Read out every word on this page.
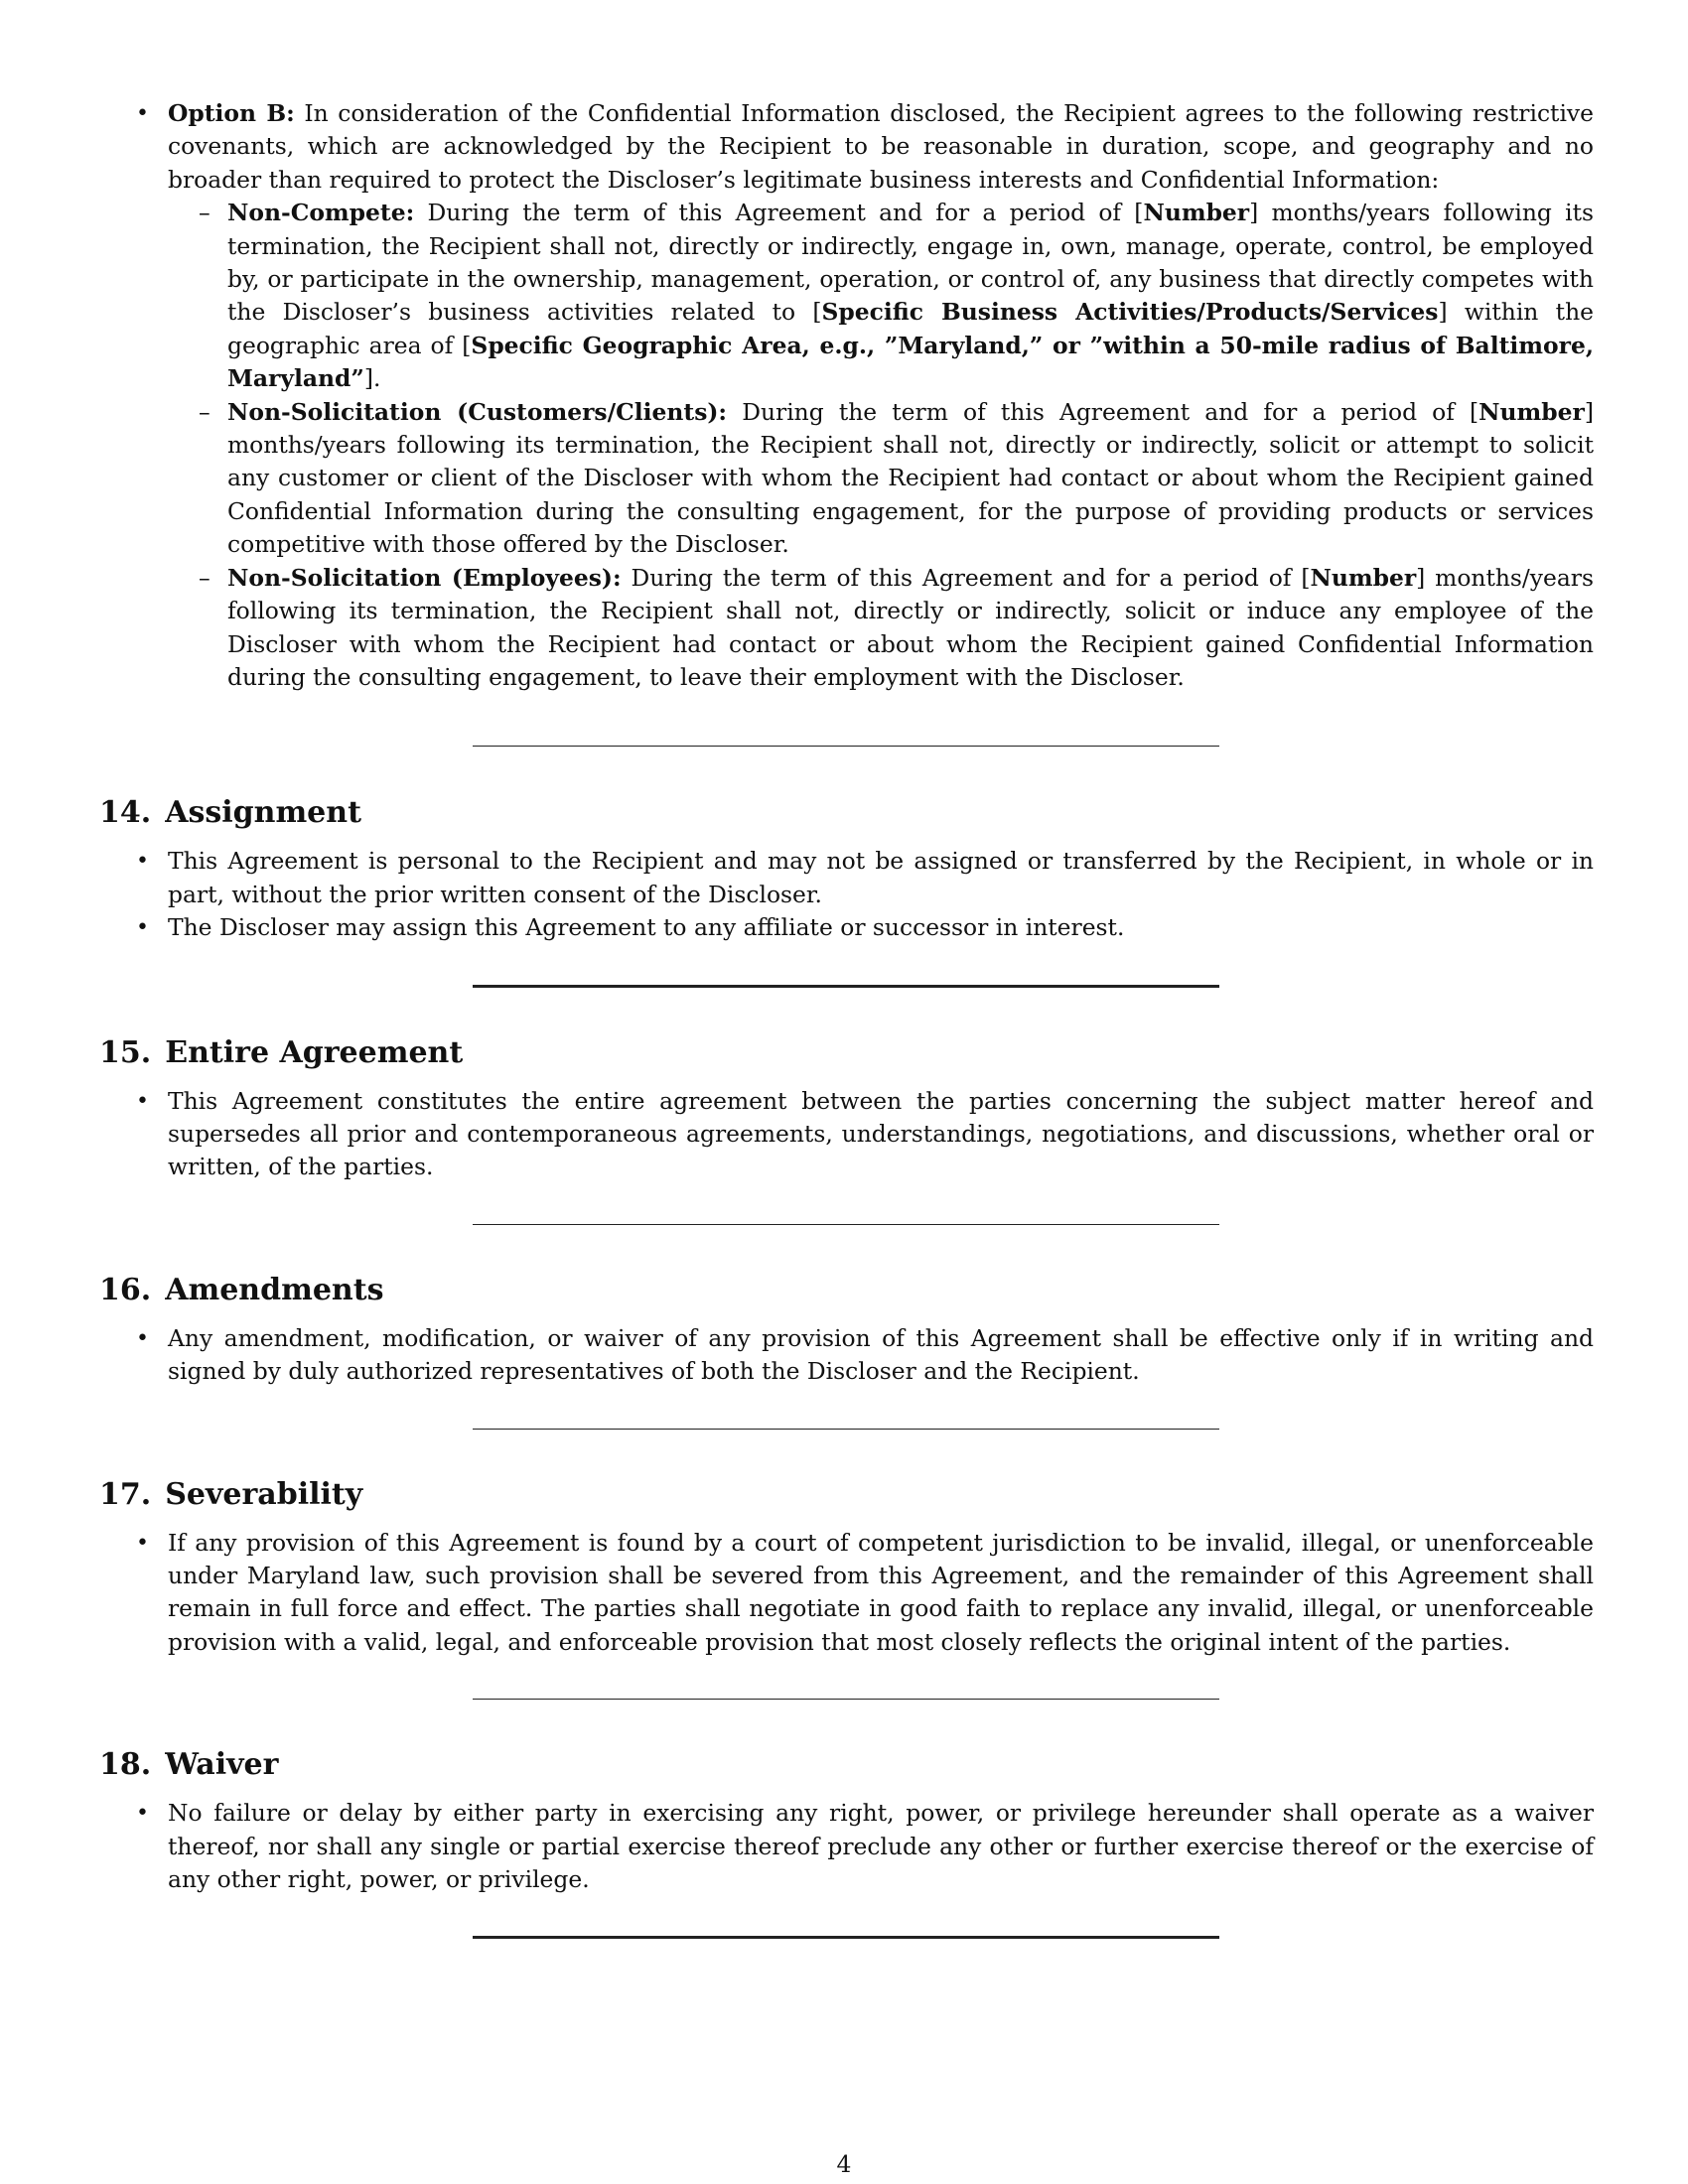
• Option B: In consideration of the Confidential Information disclosed, the Recipient agrees to the following restrictive covenants, which are acknowledged by the Recipient to be reasonable in duration, scope, and geography and no broader than required to protect the Discloser’s legitimate business interests and Confidential Information:
– Non-Compete: During the term of this Agreement and for a period of [Number] months/years following its termination, the Recipient shall not, directly or indirectly, engage in, own, manage, operate, control, be employed by, or participate in the ownership, management, operation, or control of, any business that directly competes with the Discloser’s business activities related to [Specific Business Activities/Products/Services] within the geographic area of [Specific Geographic Area, e.g., ”Maryland,” or ”within a 50-mile radius of Baltimore, Maryland”].
– Non-Solicitation (Customers/Clients): During the term of this Agreement and for a period of [Number] months/years following its termination, the Recipient shall not, directly or indirectly, solicit or attempt to solicit any customer or client of the Discloser with whom the Recipient had contact or about whom the Recipient gained Confidential Information during the consulting engagement, for the purpose of providing products or services competitive with those offered by the Discloser.
– Non-Solicitation (Employees): During the term of this Agreement and for a period of [Number] months/years following its termination, the Recipient shall not, directly or indirectly, solicit or induce any employee of the Discloser with whom the Recipient had contact or about whom the Recipient gained Confidential Information during the consulting engagement, to leave their employment with the Discloser.
14. Assignment
• This Agreement is personal to the Recipient and may not be assigned or transferred by the Recipient, in whole or in part, without the prior written consent of the Discloser.
• The Discloser may assign this Agreement to any affiliate or successor in interest.
15. Entire Agreement
• This Agreement constitutes the entire agreement between the parties concerning the subject matter hereof and supersedes all prior and contemporaneous agreements, understandings, negotiations, and discussions, whether oral or written, of the parties.
16. Amendments
• Any amendment, modification, or waiver of any provision of this Agreement shall be effective only if in writing and signed by duly authorized representatives of both the Discloser and the Recipient.
17. Severability
• If any provision of this Agreement is found by a court of competent jurisdiction to be invalid, illegal, or unenforceable under Maryland law, such provision shall be severed from this Agreement, and the remainder of this Agreement shall remain in full force and effect. The parties shall negotiate in good faith to replace any invalid, illegal, or unenforceable provision with a valid, legal, and enforceable provision that most closely reflects the original intent of the parties.
18. Waiver
• No failure or delay by either party in exercising any right, power, or privilege hereunder shall operate as a waiver thereof, nor shall any single or partial exercise thereof preclude any other or further exercise thereof or the exercise of any other right, power, or privilege.
4
